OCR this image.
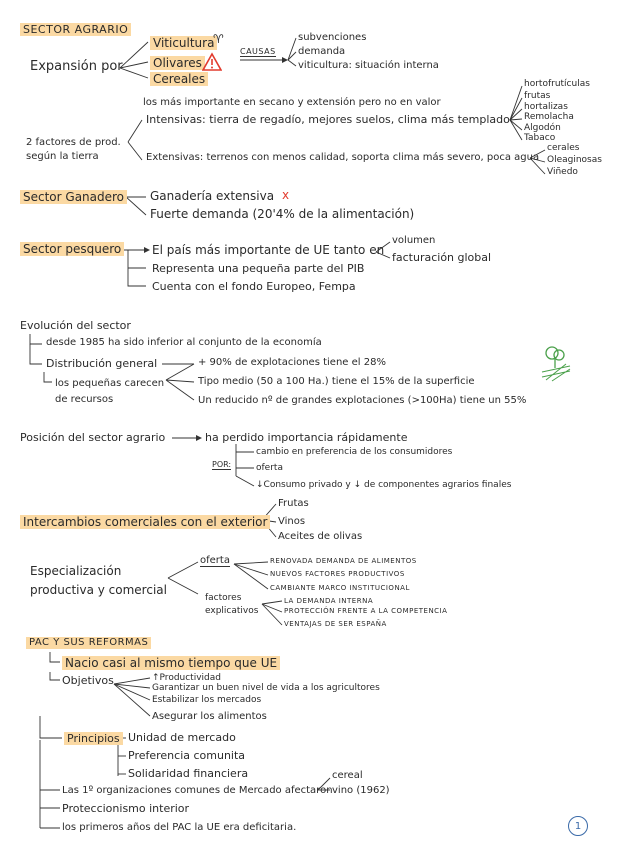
SECTOR AGRARIO
Expansión por
Viticultura
♈
Olivares
Cereales
CAUSAS
subvenciones
demanda
viticultura: situación interna
los más importante en secano y extensión pero no en valor
2 factores de prod. según la tierra
Intensivas: tierra de regadío, mejores suelos, clima más templado
hortofrutículas
frutas
hortalizas
Remolacha
Algodón
Tabaco
Extensivas: terrenos con menos calidad, soporta clima más severo, poca agua
cerales
Oleaginosas
Viñedo
Sector Ganadero Ganadería extensiva x
Fuerte demanda (20'4% de la alimentación)
Sector pesquero	El país más importante de UE tanto en
volumen
facturación global
Representa una pequeña parte del PIB
Cuenta con el fondo Europeo, Fempa
Evolución del sector
desde 1985 ha sido inferior al conjunto de la economía
Distribución general
los pequeñas carecen de recursos
+ 90% de explotaciones tiene el 28%
Tipo medio (50 a 100 Ha.) tiene el 15% de la superficie
Un reducido nº de grandes explotaciones (>100Ha) tiene un 55%
Posición del sector agrario	ha perdido importancia rápidamente
POR:
cambio en preferencia de los consumidores
oferta
↓Consumo privado y ↓ de componentes agrarios finales
Intercambios comerciales con el exterior
Frutas
Vinos
Aceites de olivas
Especialización productiva y comercial
oferta	RENOVADA DEMANDA DE ALIMENTOS
NUEVOS FACTORES PRODUCTIVOS
CAMBIANTE MARCO INSTITUCIONAL
factores explicativos
LA DEMANDA INTERNA
PROTECCIÓN FRENTE A LA COMPETENCIA
VENTAJAS DE SER ESPAÑA
PAC Y SUS REFORMAS
Nacio casi al mismo tiempo que UE
Objetivos	↑Productividad
Garantizar un buen nivel de vida a los agricultores
Estabilizar los mercados
Asegurar los alimentos
Principios Unidad de mercado
Preferencia comunita
Solidaridad financiera
Las 1º organizaciones comunes de Mercado afectaron
cereal
vino (1962)
Proteccionismo interior
los primeros años del PAC la UE era deficitaria.	1
